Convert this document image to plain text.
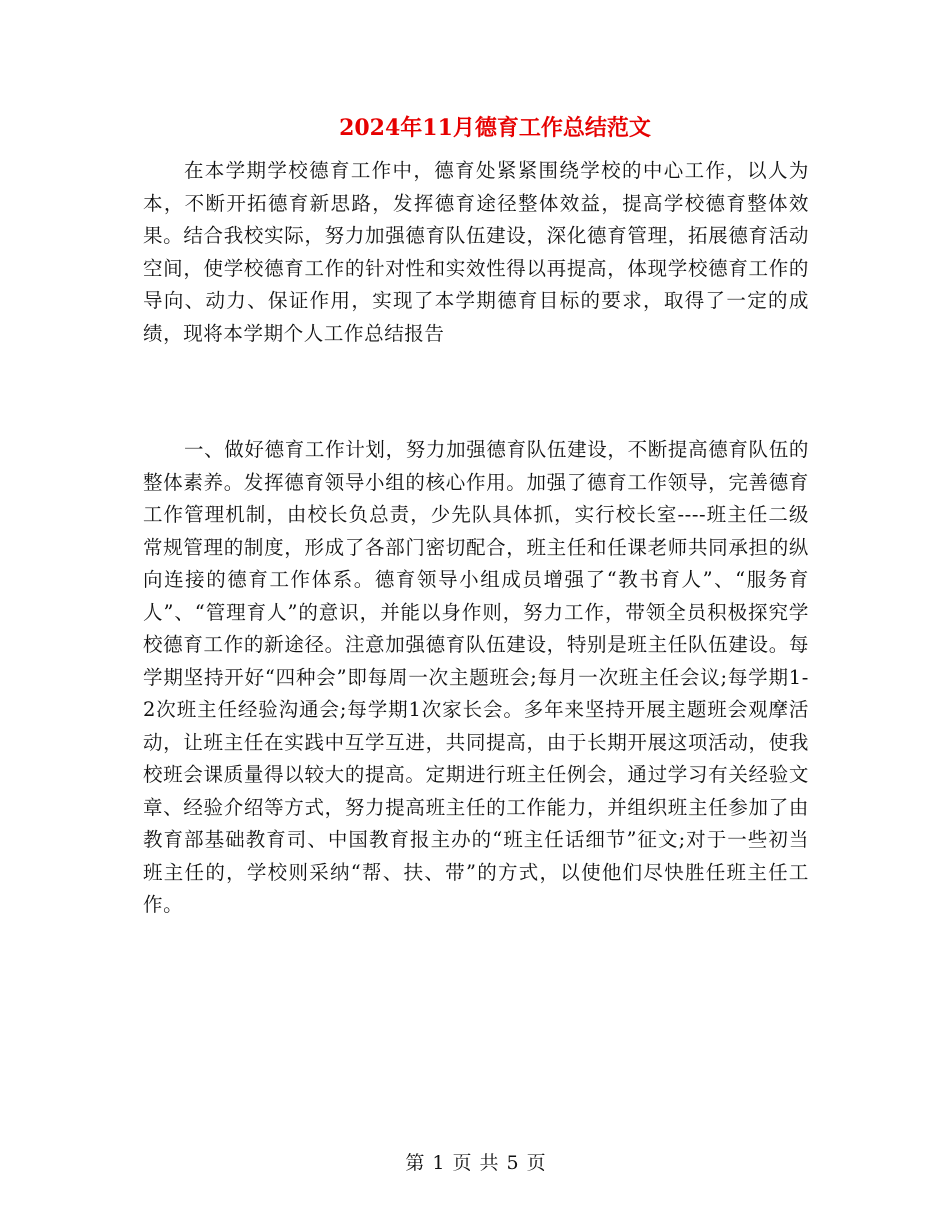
2024年11月德育工作总结范文

在本学期学校德育工作中，德育处紧紧围绕学校的中心工作，以人为本，不断开拓德育新思路，发挥德育途径整体效益，提高学校德育整体效果。结合我校实际，努力加强德育队伍建设，深化德育管理，拓展德育活动空间，使学校德育工作的针对性和实效性得以再提高，体现学校德育工作的导向、动力、保证作用，实现了本学期德育目标的要求，取得了一定的成绩，现将本学期个人工作总结报告

一、做好德育工作计划，努力加强德育队伍建设，不断提高德育队伍的整体素养。发挥德育领导小组的核心作用。加强了德育工作领导，完善德育工作管理机制，由校长负总责，少先队具体抓，实行校长室----班主任二级常规管理的制度，形成了各部门密切配合，班主任和任课老师共同承担的纵向连接的德育工作体系。德育领导小组成员增强了“教书育人”、“服务育人”、“管理育人”的意识，并能以身作则，努力工作，带领全员积极探究学校德育工作的新途径。注意加强德育队伍建设，特别是班主任队伍建设。每学期坚持开好“四种会”即每周一次主题班会;每月一次班主任会议;每学期1-2次班主任经验沟通会;每学期1次家长会。多年来坚持开展主题班会观摩活动，让班主任在实践中互学互进，共同提高，由于长期开展这项活动，使我校班会课质量得以较大的提高。定期进行班主任例会，通过学习有关经验文章、经验介绍等方式，努力提高班主任的工作能力，并组织班主任参加了由教育部基础教育司、中国教育报主办的“班主任话细节”征文;对于一些初当班主任的，学校则采纳“帮、扶、带”的方式，以使他们尽快胜任班主任工作。

第 1 页 共 5 页
